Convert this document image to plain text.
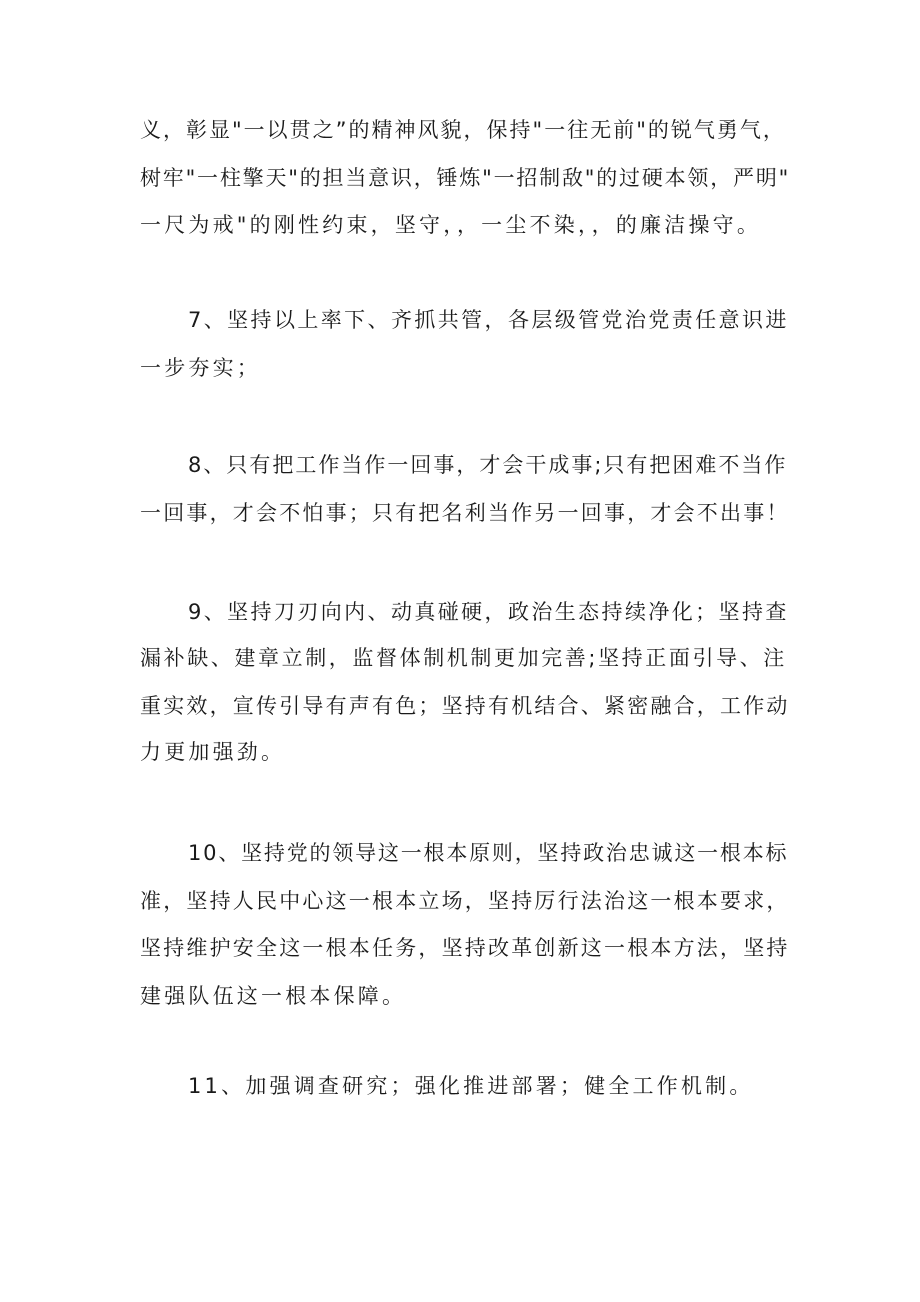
义，彰显"一以贯之”的精神风貌，保持"一往无前"的锐气勇气，
树牢"一柱擎天"的担当意识，锤炼"一招制敌"的过硬本领，严明"
一尺为戒"的刚性约束，坚守，，一尘不染，，的廉洁操守。
7、坚持以上率下、齐抓共管，各层级管党治党责任意识进
一步夯实；
8、只有把工作当作一回事，才会干成事;只有把困难不当作
一回事，才会不怕事；只有把名利当作另一回事，才会不出事！
9、坚持刀刃向内、动真碰硬，政治生态持续净化；坚持查
漏补缺、建章立制，监督体制机制更加完善;坚持正面引导、注
重实效，宣传引导有声有色；坚持有机结合、紧密融合，工作动
力更加强劲。
10、坚持党的领导这一根本原则，坚持政治忠诚这一根本标
准，坚持人民中心这一根本立场，坚持厉行法治这一根本要求，
坚持维护安全这一根本任务，坚持改革创新这一根本方法，坚持
建强队伍这一根本保障。
11、加强调查研究；强化推进部署；健全工作机制。
